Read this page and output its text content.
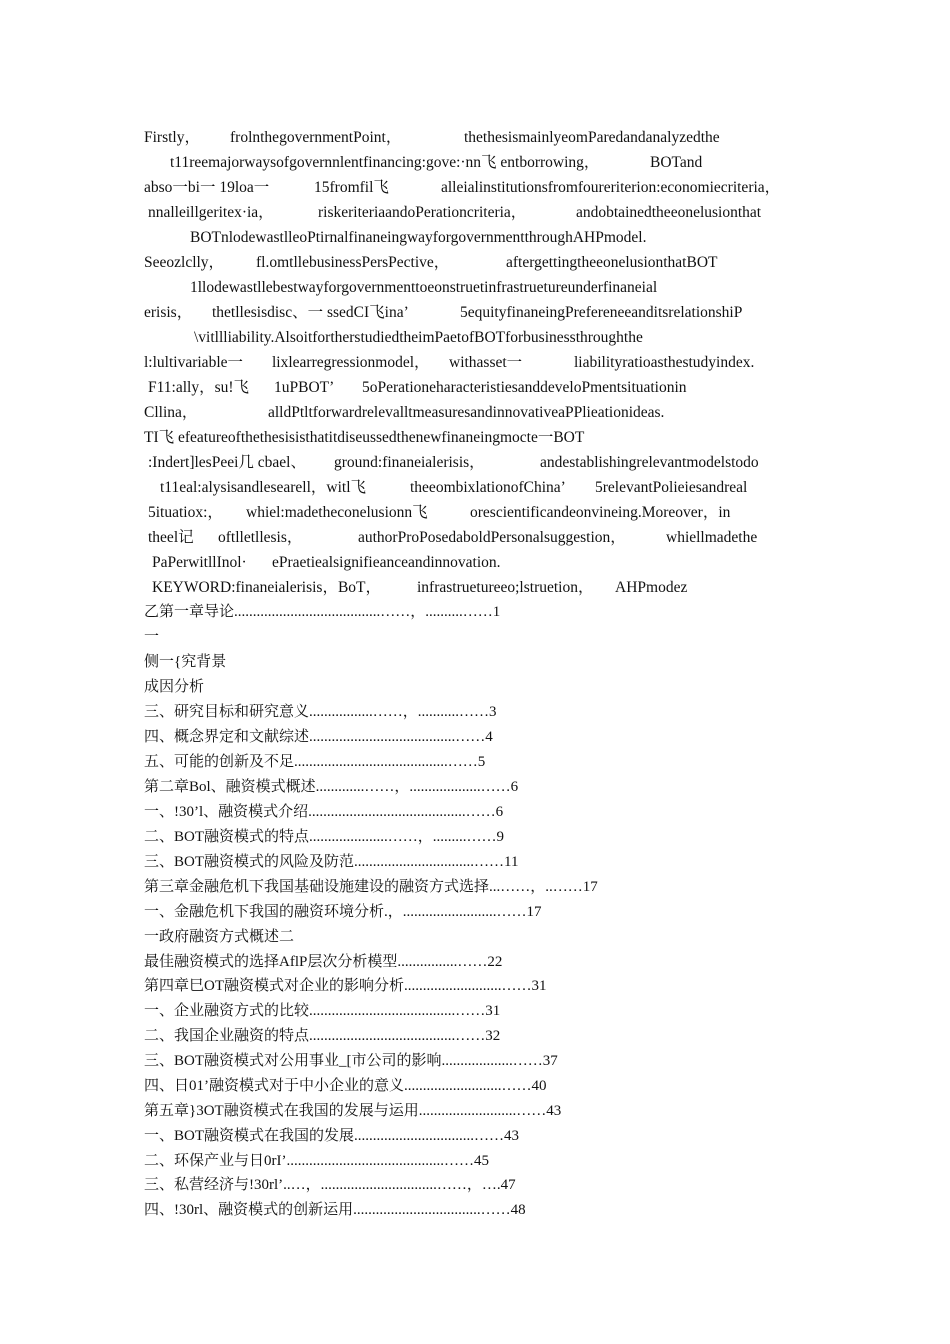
Firstly， frolnthegovernmentPoint，	thethesismainlyeomParedandanalyzedthe
t11reemajorwaysofgovernnlentfinancing:gove:·nn飞 entborrowing，	BOTand
abso一bi一 19loa一	15fromfil飞	alleialinstitutionsfromfoureriterion:economiecriteria，
nnalleillgeritex·ia，	riskeriteriaandoPerationcriteria，	andobtainedtheeonelusionthat
BOTnlodewastlleoPtirnalfinaneingwayforgovernmentthroughAHPmodel.
Seeozlclly， fl.omtllebusinessPersPective，	aftergettingtheeonelusionthatBOT
1llodewastllebestwayforgovernmenttoeonstruetinfrastruetureunderfinaneial
erisis， thetllesisdisc、一 ssedCI飞ina’	5equityfinaneingPrefereneeanditsrelationshiP
\vitllliability.AlsoitfortherstudiedtheimPaetofBOTforbusinessthroughthe
l:lultivariable一 lixlearregressionmodel， withasset一	liabilityratioasthestudyindex.
F11:ally，su!飞 1uPBOT’ 5oPerationeharacteristiesanddeveloPmentsituationin
Cllina，	alldPtltforwardrelevalltmeasuresandinnovativeaPPlieationideas.
TI飞 efeatureofthethesisisthatitdiseussedthenewfinaneingmocte一BOT
:Indert]lesPeei几 cbael、 ground:finaneialerisis，	andestablishingrelevantmodelstodo
t11eal:alysisandlesearell，witl飞	theeombixlationofChina’ 5relevantPolieiesandreal
5ituatiox:， whiel:madetheconelusionn飞	orescientificandeonvineing.Moreover，in
theel记 oftlletllesis，	authorProPosedaboldPersonalsuggestion，	whiellmadethe
PaPerwitllInol· ePraetiealsignifieanceandinnovation.
KEYWORD:finaneialerisis，BoT， infrastruetureeo;lstruetion， AHPmodez
乙第一章导论.......................................……，..........……1
一
侧一{究背景
成因分析
三、研究目标和研究意义.................……，...........……3
四、概念界定和文献综述.......................................……4
五、可能的创新及不足.........................................……5
第二章Bol、融资模式概述.............……，...................……6
一、!30’l、融资模式介绍..........................................……6
二、BOT融资模式的特点.....................……，.........……9
三、BOT融资模式的风险及防范................................……11
第三章金融危机下我国基础设施建设的融资方式选择...……，..……17
一、金融危机下我国的融资环境分析.，.........................……17
一政府融资方式概述二
最佳融资模式的选择AflP层次分析模型................……22
第四章巳OT融资模式对企业的影响分析..........................……31
一、企业融资方式的比较.......................................……31
二、我国企业融资的特点.......................................……32
三、BOT融资模式对公用事业_[市公司的影响...................……37
四、日01’融资模式对于中小企业的意义..........................……40
第五章}3OT融资模式在我国的发展与运用..........................……43
一、BOT融资模式在我国的发展................................……43
二、环保产业与日0rI’..........................................……45
三、私营经济与!30rl’..…，...............................……，….47
四、!30rl、融资模式的创新运用..................................……48
